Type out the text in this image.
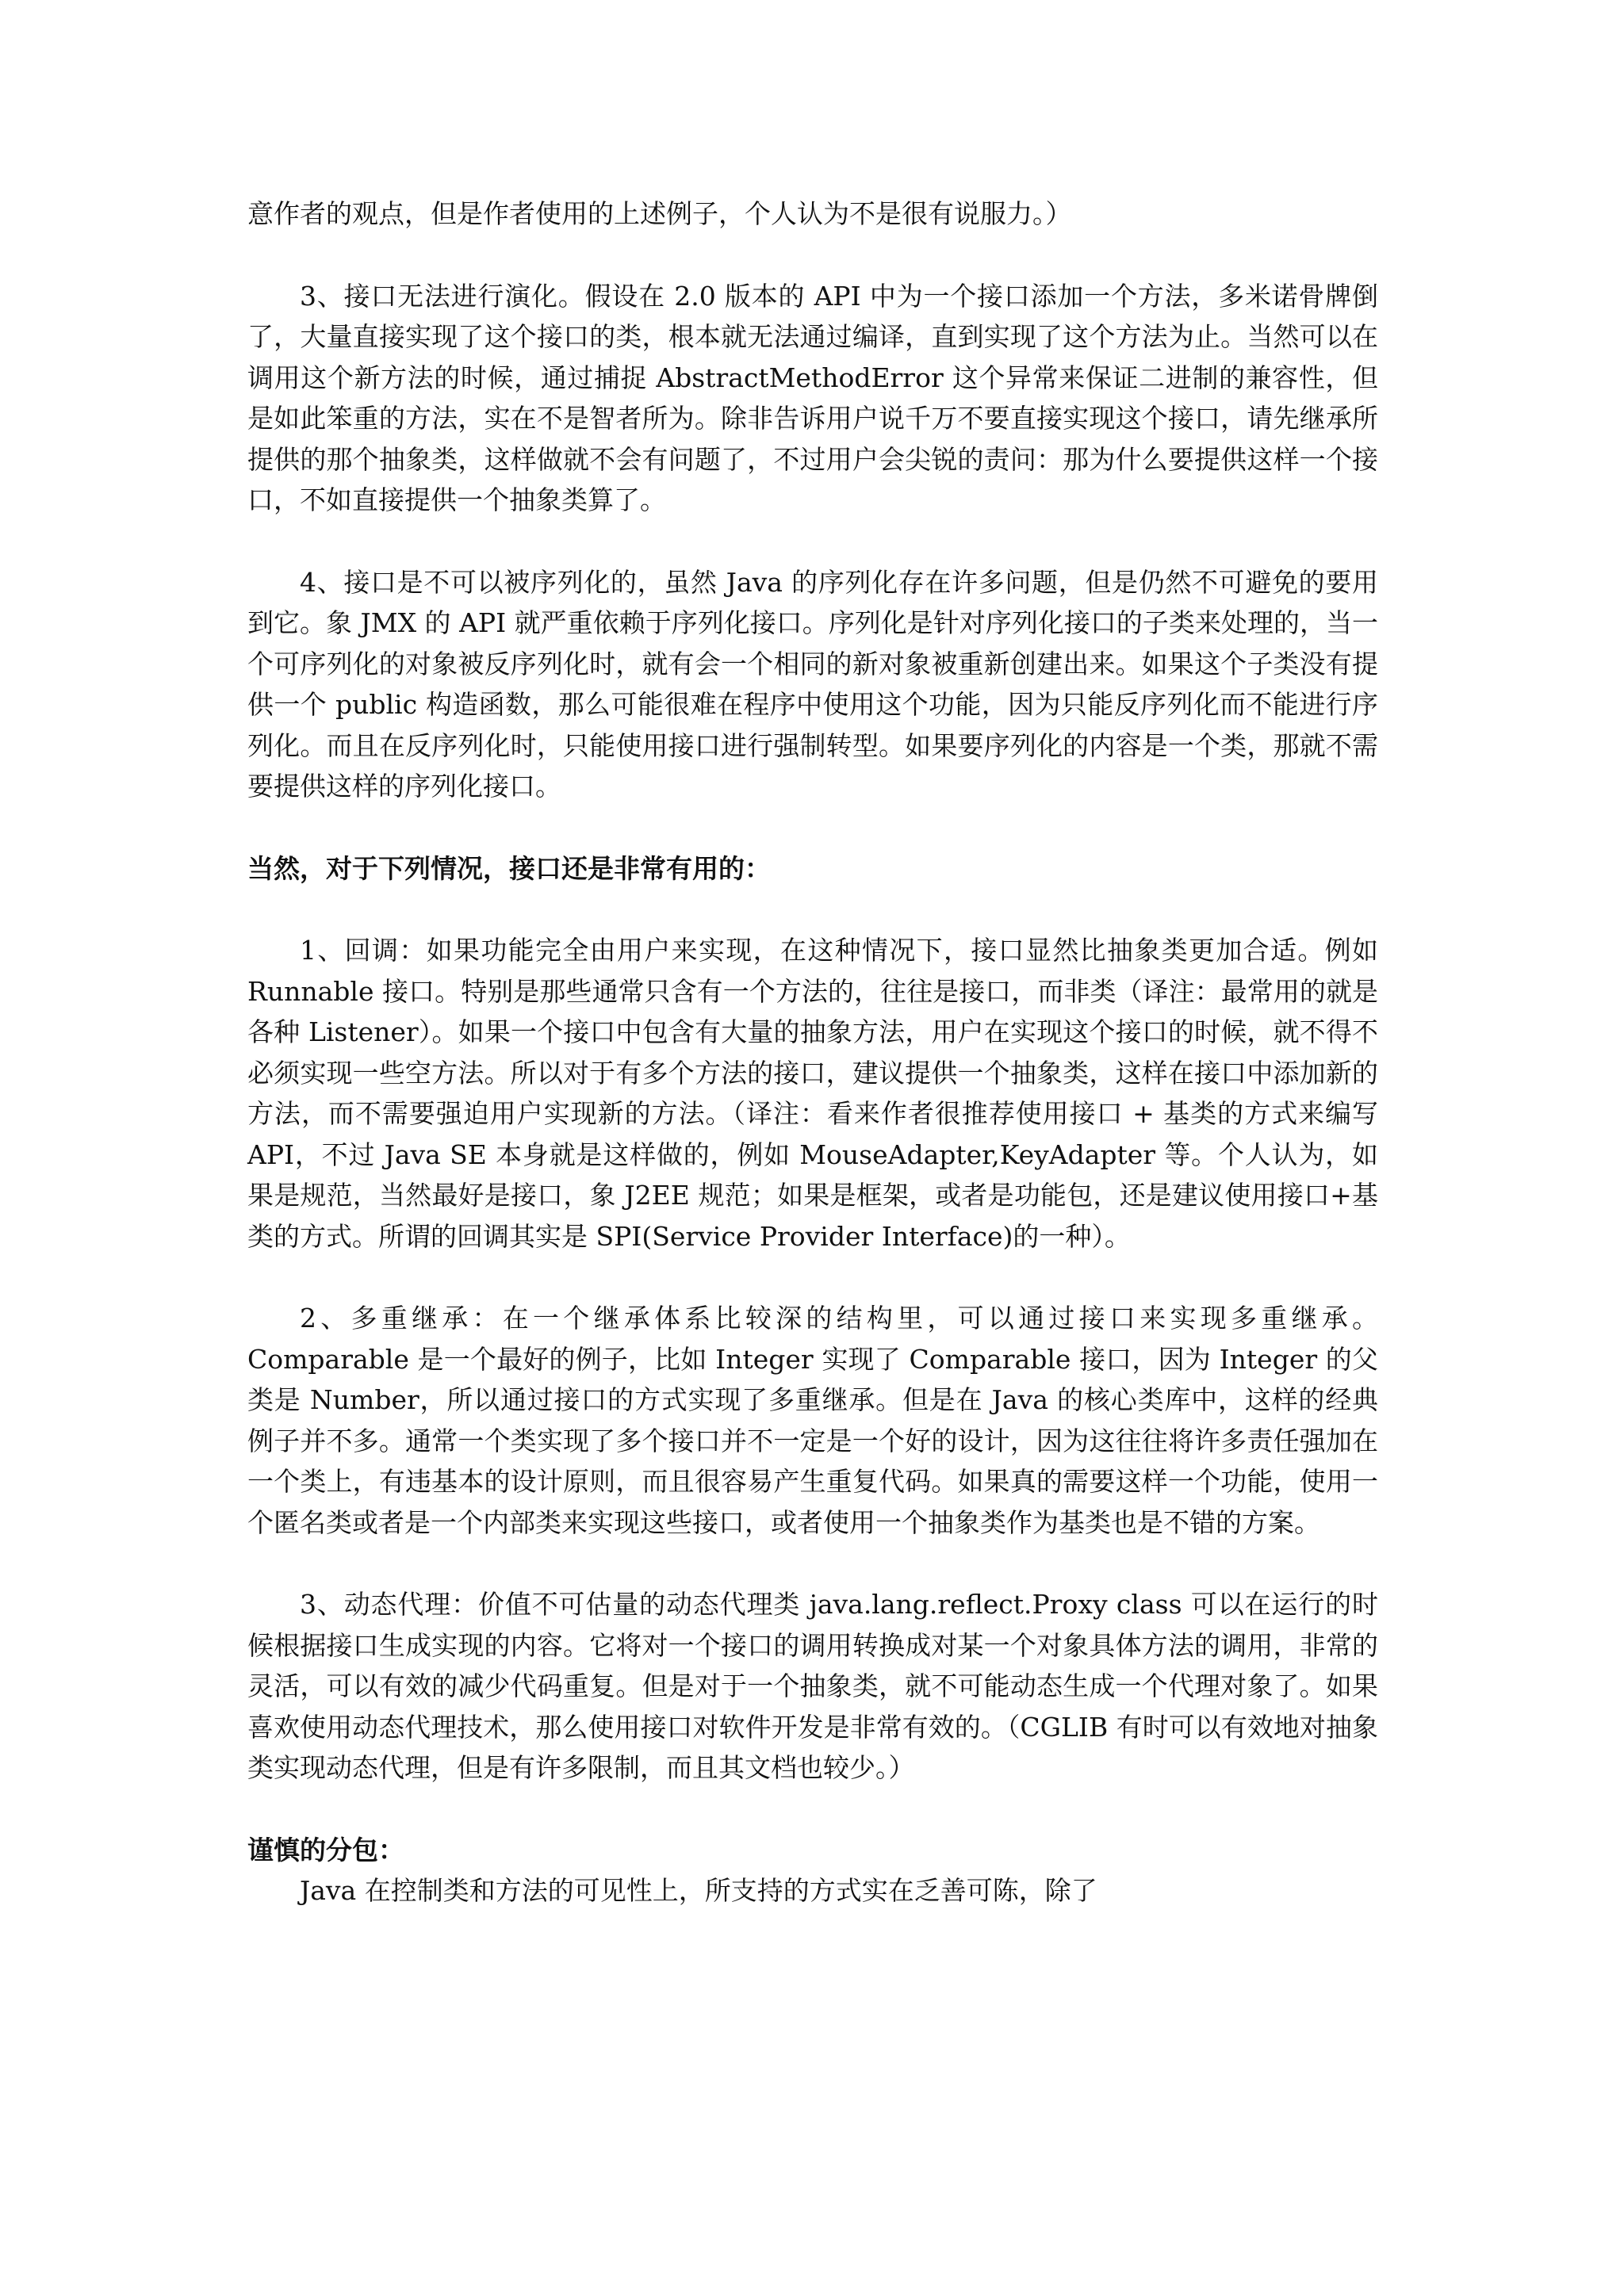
意作者的观点，但是作者使用的上述例子，个人认为不是很有说服力。）

3、接口无法进行演化。假设在 2.0 版本的 API 中为一个接口添加一个方法，多米诺骨牌倒了，大量直接实现了这个接口的类，根本就无法通过编译，直到实现了这个方法为止。当然可以在调用这个新方法的时候，通过捕捉 AbstractMethodError 这个异常来保证二进制的兼容性，但是如此笨重的方法，实在不是智者所为。除非告诉用户说千万不要直接实现这个接口，请先继承所提供的那个抽象类，这样做就不会有问题了，不过用户会尖锐的责问：那为什么要提供这样一个接口，不如直接提供一个抽象类算了。

4、接口是不可以被序列化的，虽然 Java 的序列化存在许多问题，但是仍然不可避免的要用到它。象 JMX 的 API 就严重依赖于序列化接口。序列化是针对序列化接口的子类来处理的，当一个可序列化的对象被反序列化时，就有会一个相同的新对象被重新创建出来。如果这个子类没有提供一个 public 构造函数，那么可能很难在程序中使用这个功能，因为只能反序列化而不能进行序列化。而且在反序列化时，只能使用接口进行强制转型。如果要序列化的内容是一个类，那就不需要提供这样的序列化接口。

当然，对于下列情况，接口还是非常有用的：

1、回调：如果功能完全由用户来实现，在这种情况下，接口显然比抽象类更加合适。例如 Runnable 接口。特别是那些通常只含有一个方法的，往往是接口，而非类（译注：最常用的就是各种 Listener）。如果一个接口中包含有大量的抽象方法，用户在实现这个接口的时候，就不得不必须实现一些空方法。所以对于有多个方法的接口，建议提供一个抽象类，这样在接口中添加新的方法，而不需要强迫用户实现新的方法。（译注：看来作者很推荐使用接口 + 基类的方式来编写 API，不过 Java SE 本身就是这样做的，例如 MouseAdapter,KeyAdapter 等。个人认为，如果是规范，当然最好是接口，象 J2EE 规范；如果是框架，或者是功能包，还是建议使用接口+基类的方式。所谓的回调其实是 SPI(Service Provider Interface)的一种）。

2、多重继承：在一个继承体系比较深的结构里，可以通过接口来实现多重继承。Comparable 是一个最好的例子，比如 Integer 实现了 Comparable 接口，因为 Integer 的父类是 Number，所以通过接口的方式实现了多重继承。但是在 Java 的核心类库中，这样的经典例子并不多。通常一个类实现了多个接口并不一定是一个好的设计，因为这往往将许多责任强加在一个类上，有违基本的设计原则，而且很容易产生重复代码。如果真的需要这样一个功能，使用一个匿名类或者是一个内部类来实现这些接口，或者使用一个抽象类作为基类也是不错的方案。

3、动态代理：价值不可估量的动态代理类 java.lang.reflect.Proxy class 可以在运行的时候根据接口生成实现的内容。它将对一个接口的调用转换成对某一个对象具体方法的调用，非常的灵活，可以有效的减少代码重复。但是对于一个抽象类，就不可能动态生成一个代理对象了。如果喜欢使用动态代理技术，那么使用接口对软件开发是非常有效的。（CGLIB 有时可以有效地对抽象类实现动态代理，但是有许多限制，而且其文档也较少。）

谨慎的分包：

Java 在控制类和方法的可见性上，所支持的方式实在乏善可陈，除了
